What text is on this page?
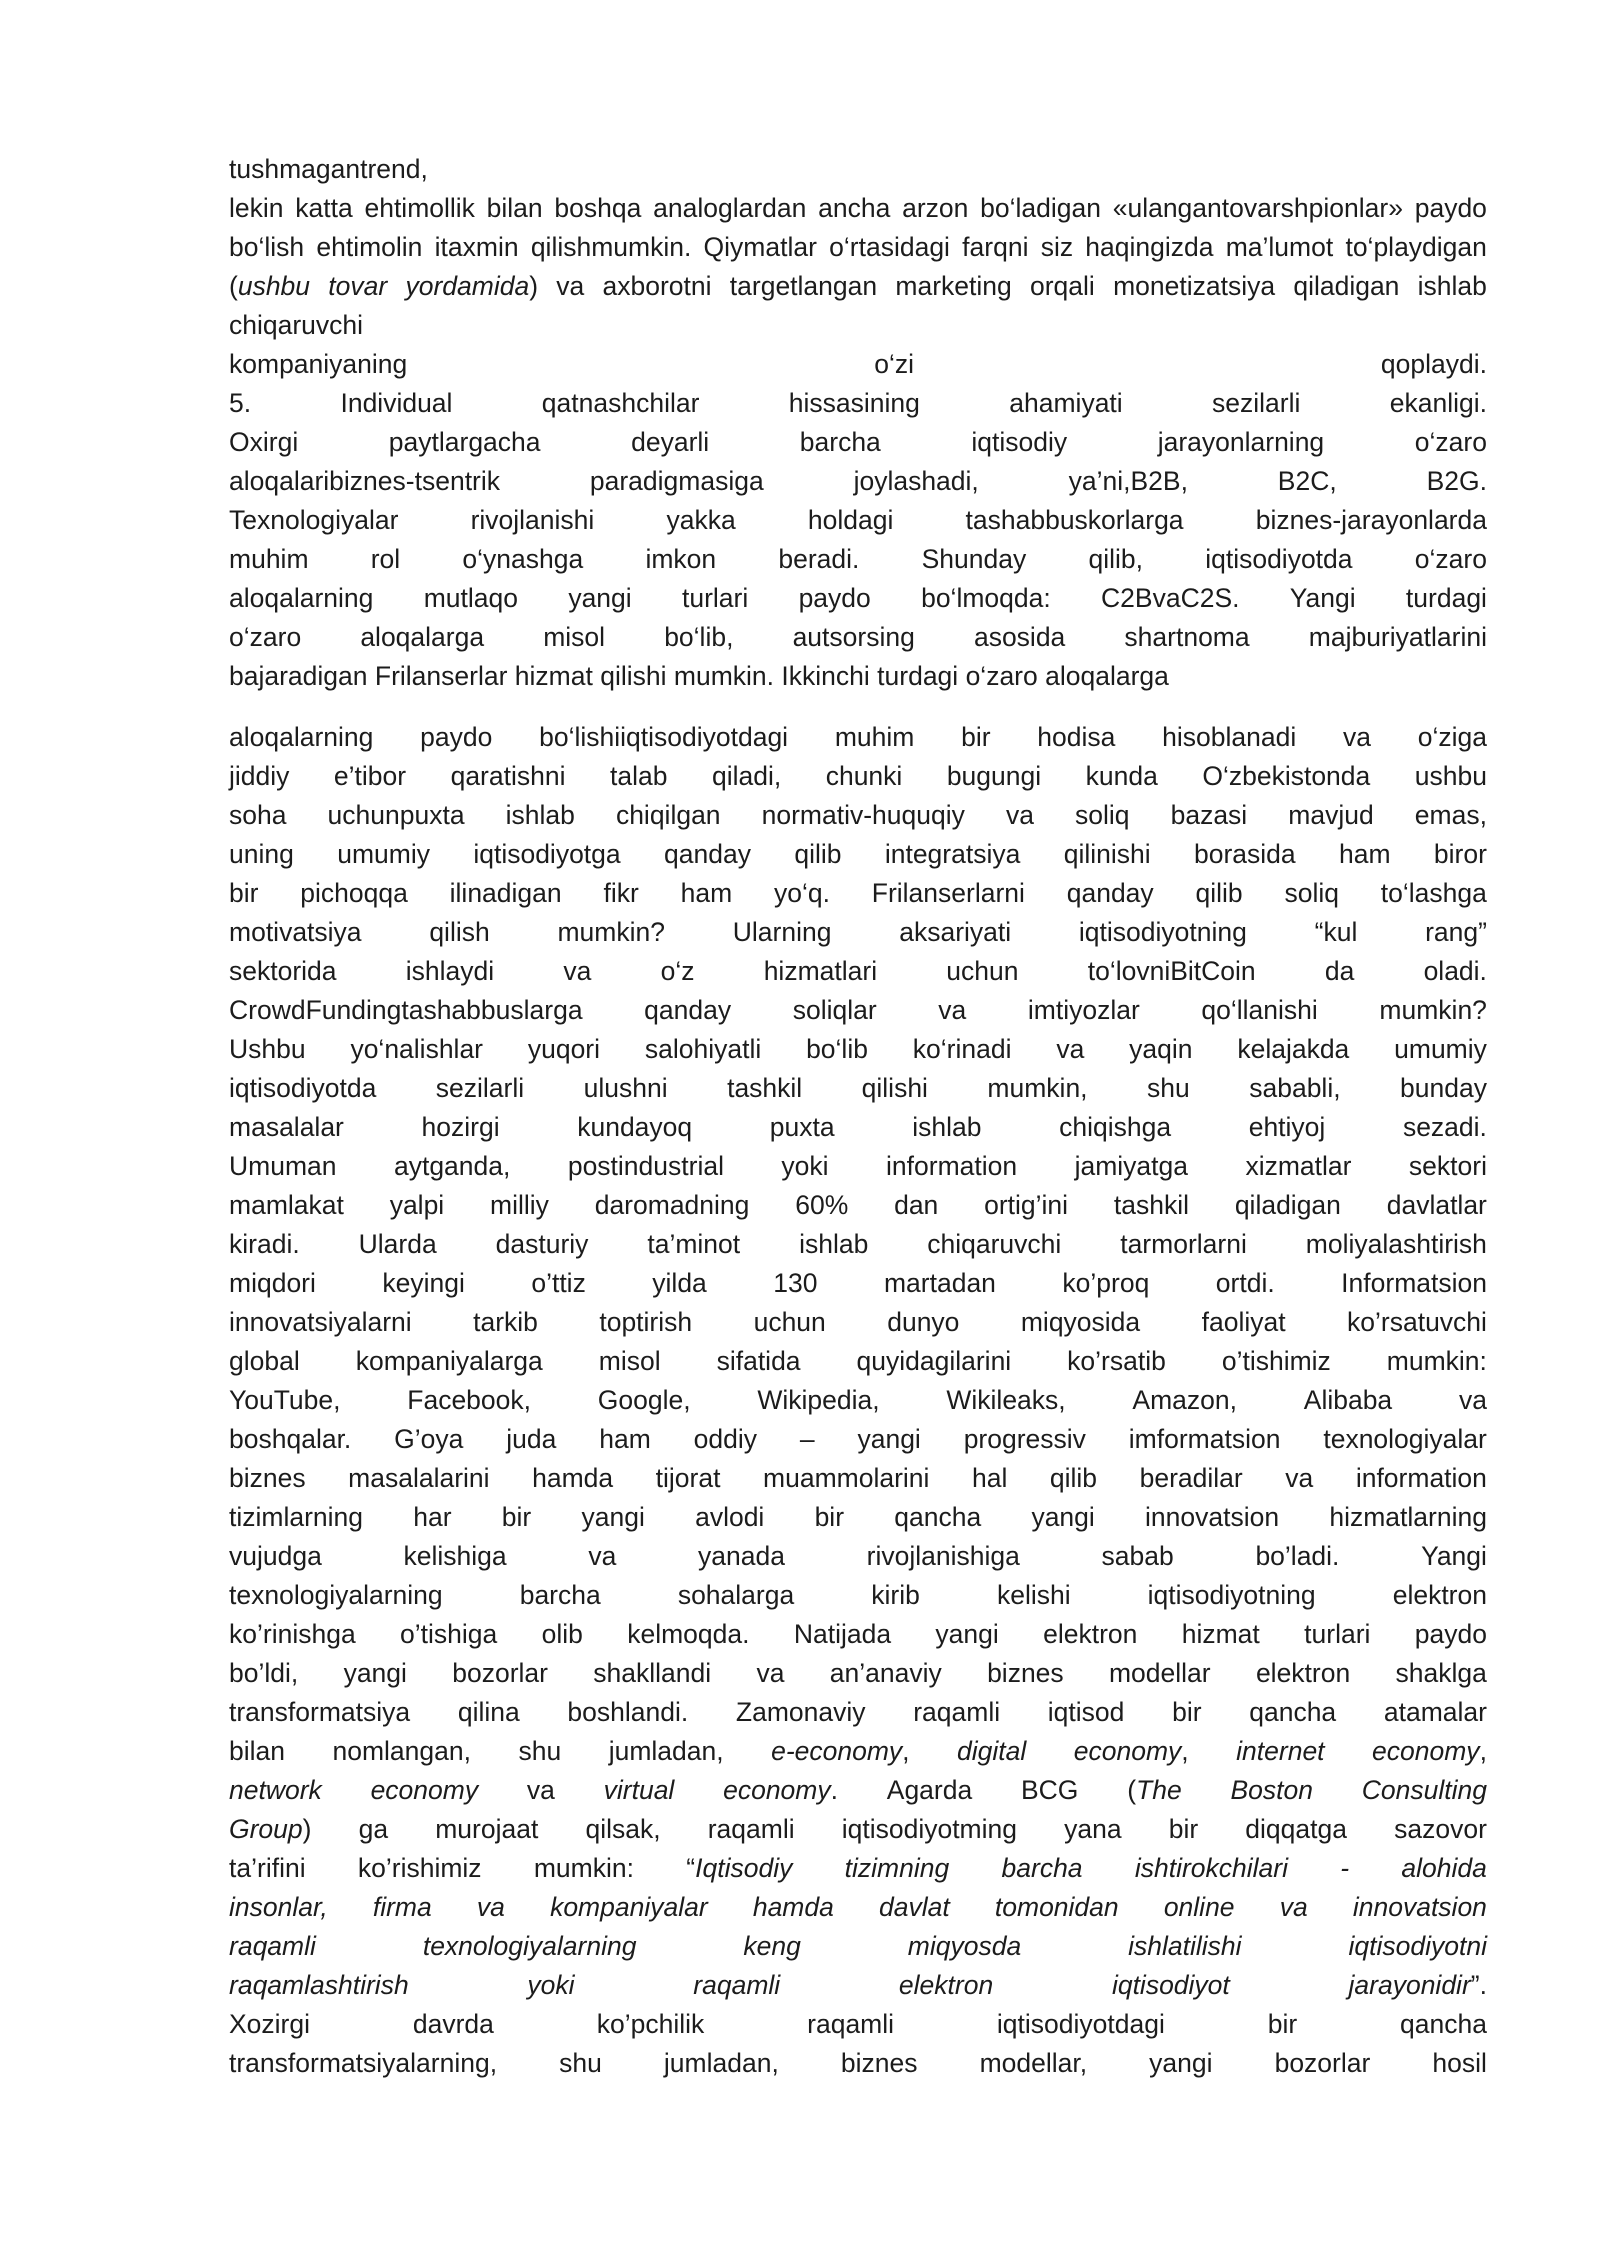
tushmagantrend,
lekin katta ehtimollik bilan boshqa analoglardan ancha arzon bo‘ladigan «ulangantovarshpionlar» paydo
bo‘lish ehtimolin itaxmin qilishmumkin. Qiymatlar o‘rtasidagi farqni siz haqingizda ma’lumot to‘playdigan
(ushbu tovar yordamida) va axborotni targetlangan marketing orqali monetizatsiya qiladigan ishlab
chiqaruvchi
kompaniyaning	o‘zi	qoplaydi.
5.	Individual	qatnashchilar	hissasining	ahamiyati	sezilarli	ekanligi.
Oxirgi	paytlargacha	deyarli	barcha	iqtisodiy	jarayonlarning	o‘zaro
aloqalaribiznes-tsentrik	paradigmasiga	joylashadi,	ya’ni,B2B,	B2C,	B2G.
Texnologiyalar	rivojlanishi	yakka	holdagi	tashabbuskorlarga	biznes-jarayonlarda
muhim rol o‘ynashga imkon beradi. Shunday qilib, iqtisodiyotda o‘zaro
aloqalarning mutlaqo yangi turlari paydo bo‘lmoqda: C2BvaC2S. Yangi turdagi
o‘zaro aloqalarga misol bo‘lib, autsorsing asosida shartnoma majburiyatlarini
bajaradigan Frilanserlar hizmat qilishi mumkin. Ikkinchi turdagi o‘zaro aloqalarga
aloqalarning paydo bo‘lishiiqtisodiyotdagi muhim bir hodisa hisoblanadi va o‘ziga
jiddiy e’tibor qaratishni talab qiladi, chunki bugungi kunda O‘zbekistonda ushbu
soha uchunpuxta ishlab chiqilgan normativ-huquqiy va soliq bazasi mavjud emas,
uning umumiy iqtisodiyotga qanday qilib integratsiya qilinishi borasida ham biror
bir pichoqqa ilinadigan fikr ham yo‘q. Frilanserlarni qanday qilib soliq to‘lashga
motivatsiya	qilish	mumkin?	Ularning	aksariyati	iqtisodiyotning	“kul	rang”
sektorida	ishlaydi	va	o‘z	hizmatlari	uchun	to‘lovniBitCoin	da	oladi.
CrowdFundingtashabbuslarga qanday soliqlar va imtiyozlar qo‘llanishi mumkin?
Ushbu yo‘nalishlar yuqori salohiyatli bo‘lib ko‘rinadi va yaqin kelajakda umumiy
iqtisodiyotda sezilarli ulushni tashkil qilishi mumkin, shu sababli, bunday
masalalar	hozirgi	kundayoq	puxta	ishlab	chiqishga	ehtiyoj	sezadi.
Umuman aytganda, postindustrial yoki information jamiyatga xizmatlar sektori
mamlakat yalpi milliy daromadning 60% dan ortig’ini tashkil qiladigan davlatlar
kiradi. Ularda dasturiy ta’minot ishlab chiqaruvchi tarmorlarni moliyalashtirish
miqdori	keyingi	o’ttiz	yilda	130	martadan	ko’proq	ortdi.	Informatsion
innovatsiyalarni tarkib toptirish uchun dunyo miqyosida faoliyat ko’rsatuvchi
global kompaniyalarga misol sifatida quyidagilarini ko’rsatib o’tishimiz mumkin:
YouTube,	Facebook,	Google,	Wikipedia,	Wikileaks,	Amazon,	Alibaba	va
boshqalar. G’oya juda ham oddiy – yangi progressiv imformatsion texnologiyalar
biznes masalalarini hamda tijorat muammolarini hal qilib beradilar va information
tizimlarning har bir yangi avlodi bir qancha yangi innovatsion hizmatlarning
vujudga	kelishiga	va	yanada	rivojlanishiga	sabab	bo’ladi.	Yangi
texnologiyalarning	barcha	sohalarga	kirib	kelishi	iqtisodiyotning	elektron
ko’rinishga o’tishiga olib kelmoqda. Natijada yangi elektron hizmat turlari paydo
bo’ldi, yangi bozorlar shakllandi va an’anaviy biznes modellar elektron shaklga
transformatsiya qilina boshlandi. Zamonaviy raqamli iqtisod bir qancha atamalar
bilan nomlangan, shu jumladan, e-economy, digital economy, internet economy,
network economy va virtual economy. Agarda BCG (The Boston Consulting
Group) ga murojaat qilsak, raqamli iqtisodiyotming yana bir diqqatga sazovor
ta’rifini ko’rishimiz mumkin: “Iqtisodiy tizimning barcha ishtirokchilari - alohida
insonlar, firma va kompaniyalar hamda davlat tomonidan online va innovatsion
raqamli	texnologiyalarning	keng	miqyosda	ishlatilishi	iqtisodiyotni
raqamlashtirish	yoki	raqamli	elektron	iqtisodiyot	jarayonidir”.
Xozirgi	davrda	ko’pchilik	raqamli	iqtisodiyotdagi	bir	qancha
transformatsiyalarning, shu jumladan, biznes modellar, yangi bozorlar hosil
